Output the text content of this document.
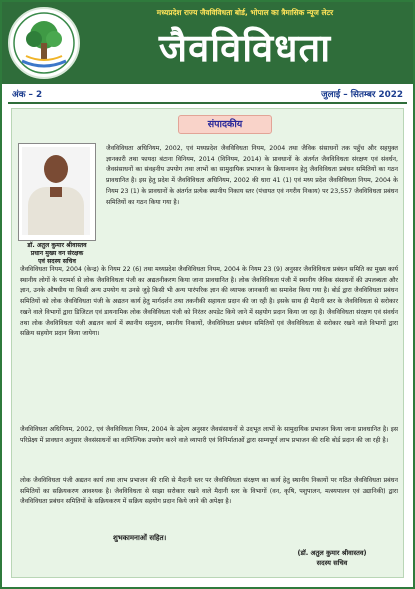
मध्यप्रदेश राज्य जैवविविधता बोर्ड, भोपाल का त्रैमासिक न्यूज लेटर
जैवविविधता
अंक – 2	जुलाई – सितम्बर 2022
संपादकीय
डॉ. अतुल कुमार श्रीवास्तव
प्रधान मुख्य वन संरक्षक
एवं सदस्य सचिव
जैवविविधता अधिनियम, 2002, एवं मध्यप्रदेश जैवविविधता नियम, 2004 तथा जैविक संसाधनों तक पहुँच और सहयुक्त ज्ञानकारी तथा फायदा बंटाना विनियम, 2014 (विनियम, 2014) के प्रावधानों के अंतर्गत जैवविविधता संरक्षण एवं संवर्धन, जैवसंसाधनों का संवहनीय उपयोग तथा लाभों का सामुदायिक प्रभाजन के क्रियान्वयन हेतु जैवविविधता प्रबंधन समितियों का गठन प्रावधानित है। इस हेतु प्रदेश में जैवविविधता अधिनियम, 2002 की धारा 41 (1) एवं मध्य प्रदेश जैवविविधता नियम, 2004 के नियम 23 (1) के प्रावधानों के अंतर्गत प्रत्येक स्थानीय निकाय स्तर (पंचायत एवं नगरीय निकाय) पर 23,557 जैवविविधता प्रबंधन समितियों का गठन किया गया है।
जैवविविधता नियम, 2004 (केन्द्र) के नियम 22 (6) तथा मध्यप्रदेश जैवविविधता नियम, 2004 के नियम 23 (9) अनुसार जैवविविधता प्रबंधन समिति का मुख्य कार्य स्थानीय लोगों के परामर्श से लोक जैवविविधता पंजी का अद्यतनीकरण किया जाना प्रावधानित है। लोक जैवविविधता पंजी में स्थानीय जैविक संसाधनों की उपलब्धता और ज्ञान, उनके औषधीय या किसी अन्य उपयोग या उनसे जुड़े किसी भी अन्य पारंपरिक ज्ञान की व्यापक जानकारी का समावेश किया गया है। बोर्ड द्वारा जैवविविधता प्रबंधन समितियों को लोक जैवविविधता पंजी के अद्यतन कार्य हेतु मार्गदर्शन तथा तकनीकी सहायता प्रदान की जा रही है। इसके साथ ही मैदानी स्तर के जैवविविधता से सरोकार रखने वाले विभागों द्वारा डिजिटल एवं डायनामिक लोक जैवविविधता पंजी को निरंतर अपडेट किये जाने में सहयोग प्रदान किया जा रहा है। जैवविविधता संरक्षण एवं संवर्धन तथा लोक जैवविविधता पंजी अद्यतन कार्य में स्थानीय समुदाय, स्थानीय निकायों, जैवविविधता प्रबंधन समितियों एवं जैवविविधता से सरोकार रखने वाले विभागों द्वारा सक्रिय सहयोग प्रदान किया जायेगा।
जैवविविधता अधिनियम, 2002, एवं जैवविविधता नियम, 2004 के उद्देश्य अनुसार जैवसंसाधनों से उदभूत लाभों के सामुदायिक प्रभाजन किया जाना प्रावधानित है। इस परिप्रेक्ष्य में प्रावधान अनुसार जैवसंसाधनों का वाणिज्यिक उपयोग करने वाले व्यापारी एवं विनिर्माताओं द्वारा साम्यपूर्ण लाभ प्रभाजन की राशि बोर्ड प्रदान की जा रही है।
लोक जैवविविधता पंजी अद्यतन कार्य तथा लाभ प्रभाजन की राशि से मैदानी स्तर पर जैवविविधता संरक्षण का कार्य हेतु स्थानीय निकायों पर गठित जैवविविधता प्रबंधन समितियों का सक्रियकरण आवश्यक है। जैवविविधता से साझा सरोकार रखने वाले मैदानी स्तर के विभागों (वन, कृषि, पशुपालन, मत्स्यपालन एवं उद्यानिकी) द्वारा जैवविविधता प्रबंधन समितियों के सक्रियकरण में सक्रिय सहयोग प्रदान किये जाने की अपेक्षा है।
शुभकामनाओं सहित।
(डॉ. अतुल कुमार श्रीवास्तव)
सदस्य सचिव
